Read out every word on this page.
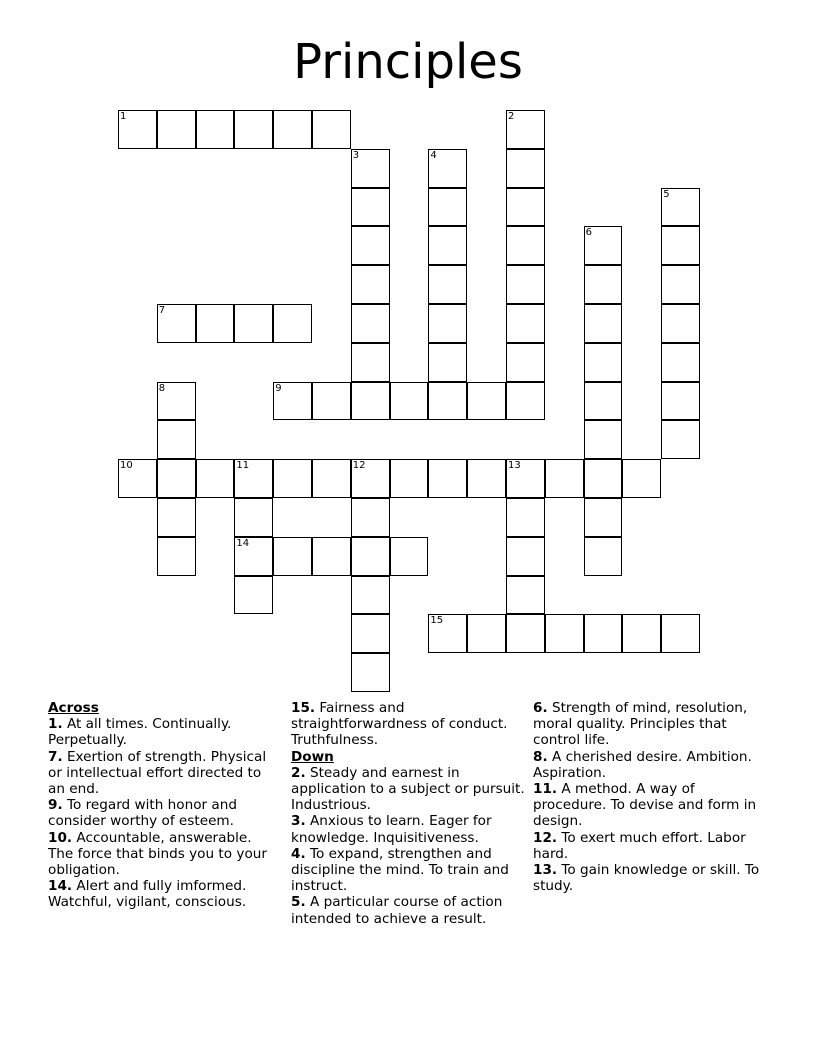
Principles
1	2
3	4
5
6
7
8	9
10	11	12	13
14
15

Across

1. At all times. Continually. Perpetually.

7. Exertion of strength. Physical or intellectual effort directed to an end.

9. To regard with honor and consider worthy of esteem.

10. Accountable, answerable. The force that binds you to your obligation.

14. Alert and fully imformed. Watchful, vigilant, conscious.

15. Fairness and straightforwardness of conduct. Truthfulness.

Down

2. Steady and earnest in application to a subject or pursuit. Industrious.

3. Anxious to learn. Eager for knowledge. Inquisitiveness.

4. To expand, strengthen and discipline the mind. To train and instruct.

5. A particular course of action intended to achieve a result.

6. Strength of mind, resolution, moral quality. Principles that control life.

8. A cherished desire. Ambition. Aspiration.

11. A method. A way of procedure. To devise and form in design.

12. To exert much effort. Labor hard.

13. To gain knowledge or skill. To study.
